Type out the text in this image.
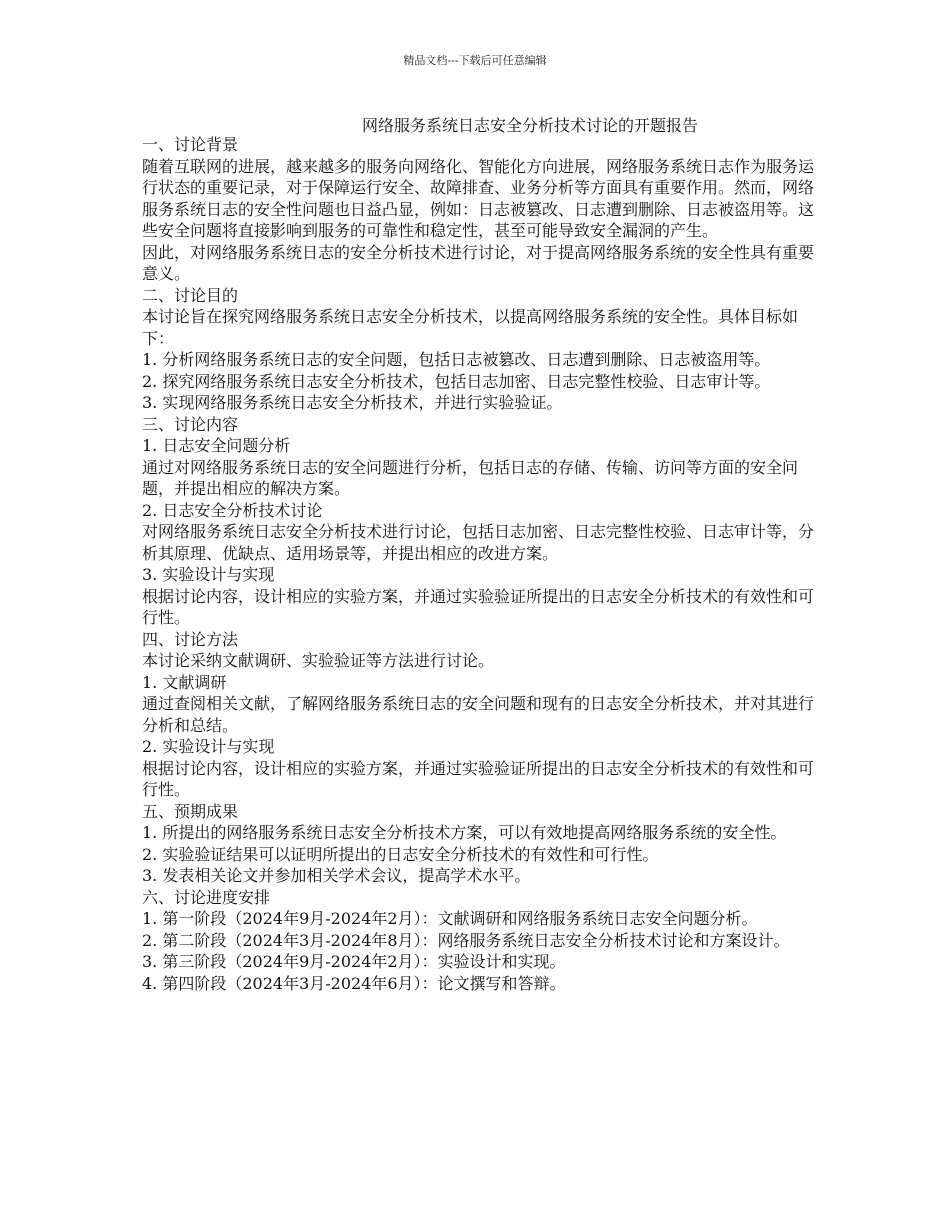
精品文档---下载后可任意编辑
网络服务系统日志安全分析技术讨论的开题报告

一、讨论背景

随着互联网的进展，越来越多的服务向网络化、智能化方向进展，网络服务系统日志作为服务运行状态的重要记录，对于保障运行安全、故障排查、业务分析等方面具有重要作用。然而，网络服务系统日志的安全性问题也日益凸显，例如：日志被篡改、日志遭到删除、日志被盗用等。这些安全问题将直接影响到服务的可靠性和稳定性，甚至可能导致安全漏洞的产生。

因此，对网络服务系统日志的安全分析技术进行讨论，对于提高网络服务系统的安全性具有重要意义。

二、讨论目的

本讨论旨在探究网络服务系统日志安全分析技术，以提高网络服务系统的安全性。具体目标如下：

1. 分析网络服务系统日志的安全问题，包括日志被篡改、日志遭到删除、日志被盗用等。

2. 探究网络服务系统日志安全分析技术，包括日志加密、日志完整性校验、日志审计等。

3. 实现网络服务系统日志安全分析技术，并进行实验验证。

三、讨论内容

1. 日志安全问题分析

通过对网络服务系统日志的安全问题进行分析，包括日志的存储、传输、访问等方面的安全问题，并提出相应的解决方案。

2. 日志安全分析技术讨论

对网络服务系统日志安全分析技术进行讨论，包括日志加密、日志完整性校验、日志审计等，分析其原理、优缺点、适用场景等，并提出相应的改进方案。

3. 实验设计与实现

根据讨论内容，设计相应的实验方案，并通过实验验证所提出的日志安全分析技术的有效性和可行性。

四、讨论方法

本讨论采纳文献调研、实验验证等方法进行讨论。

1. 文献调研

通过查阅相关文献，了解网络服务系统日志的安全问题和现有的日志安全分析技术，并对其进行分析和总结。

2. 实验设计与实现

根据讨论内容，设计相应的实验方案，并通过实验验证所提出的日志安全分析技术的有效性和可行性。

五、预期成果

1. 所提出的网络服务系统日志安全分析技术方案，可以有效地提高网络服务系统的安全性。

2. 实验验证结果可以证明所提出的日志安全分析技术的有效性和可行性。

3. 发表相关论文并参加相关学术会议，提高学术水平。

六、讨论进度安排

1. 第一阶段（2024年9月-2024年2月）：文献调研和网络服务系统日志安全问题分析。

2. 第二阶段（2024年3月-2024年8月）：网络服务系统日志安全分析技术讨论和方案设计。

3. 第三阶段（2024年9月-2024年2月）：实验设计和实现。

4. 第四阶段（2024年3月-2024年6月）：论文撰写和答辩。
